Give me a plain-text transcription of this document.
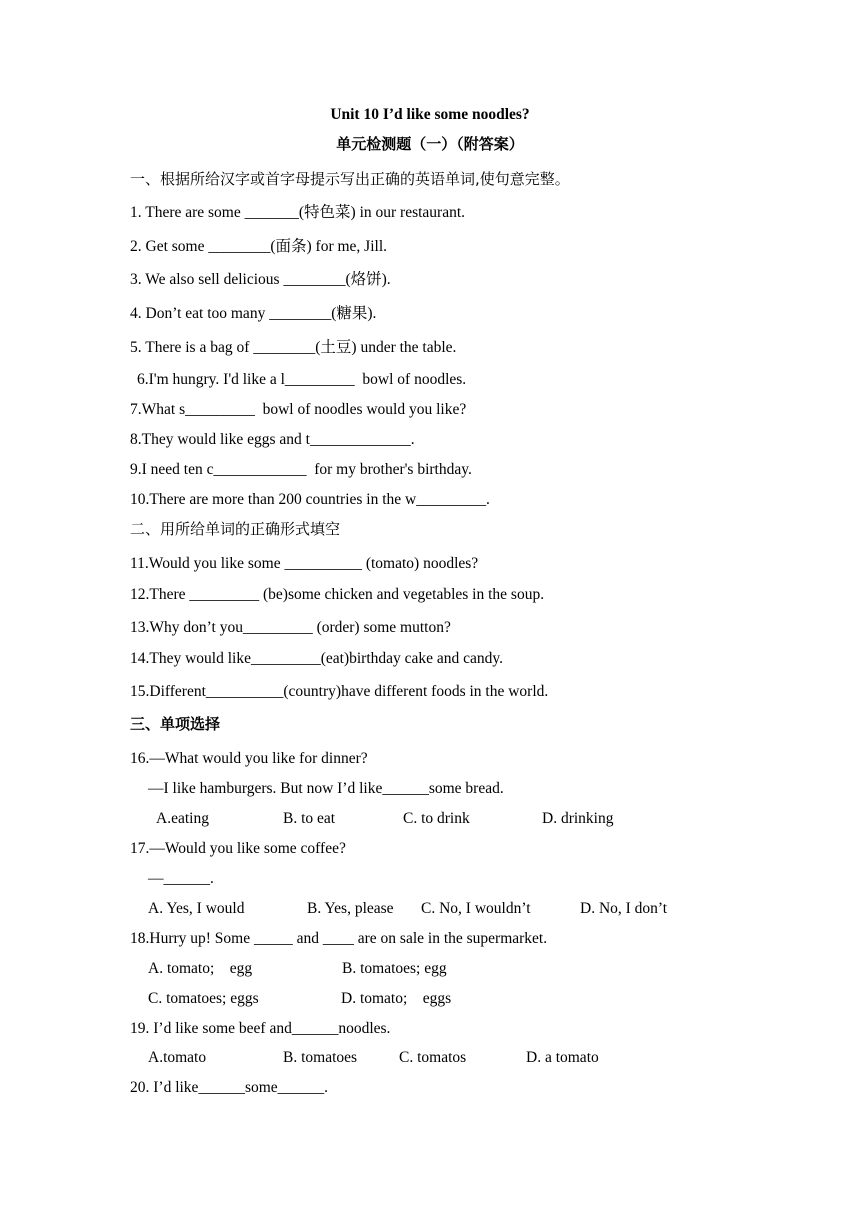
Unit 10 I’d like some noodles?
单元检测题（一）（附答案）
一、根据所给汉字或首字母提示写出正确的英语单词,使句意完整。
1. There are some _______(特色菜) in our restaurant.
2. Get some ________(面条) for me, Jill.
3. We also sell delicious ________(烙饼).
4. Don’t eat too many ________(糖果).
5. There is a bag of ________(土豆) under the table.
6.I'm hungry. I'd like a l_________  bowl of noodles.
7.What s_________  bowl of noodles would you like?
8.They would like eggs and t_____________.
9.I need ten c____________  for my brother's birthday.
10.There are more than 200 countries in the w_________.
二、用所给单词的正确形式填空
11.Would you like some __________ (tomato) noodles?
12.There _________ (be)some chicken and vegetables in the soup.
13.Why don’t you_________ (order) some mutton?
14.They would like_________(eat)birthday cake and candy.
15.Different__________(country)have different foods in the world.
三、单项选择
16.—What would you like for dinner?
—I like hamburgers. But now I’d like______some bread.
A.eating	B. to eat	C. to drink	D. drinking
17.—Would you like some coffee?
—______.
A. Yes, I would	B. Yes, please C. No, I wouldn’t	D. No, I don’t
18.Hurry up! Some _____ and ____ are on sale in the supermarket.
A. tomato;    egg	B. tomatoes; egg
C. tomatoes; eggs	D. tomato;    eggs
19. I’d like some beef and______noodles.
A.tomato	B. tomatoes	C. tomatos	D. a tomato
20. I’d like______some______.
